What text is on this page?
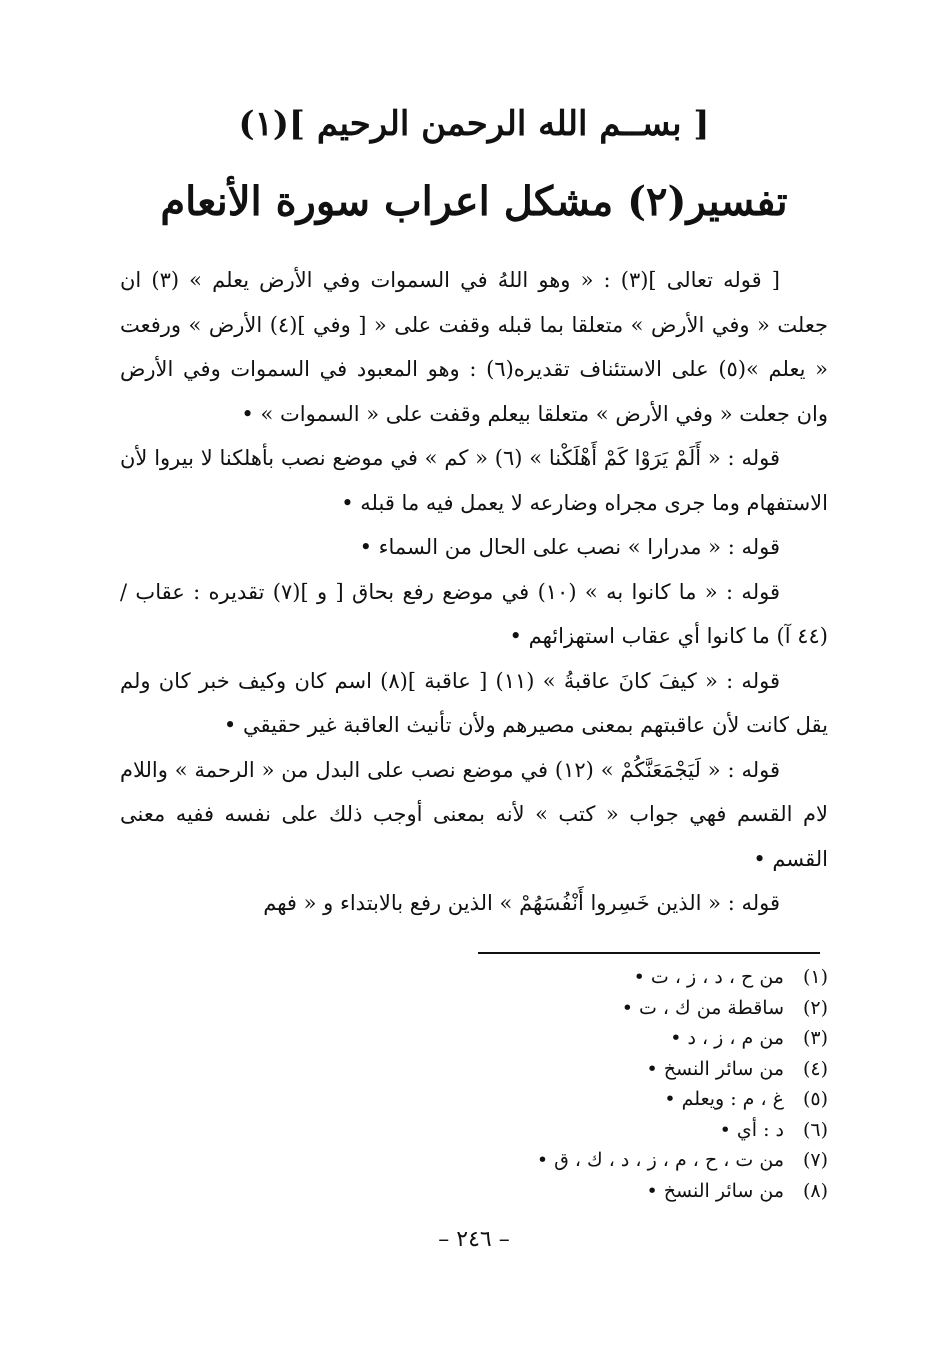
[ بســم الله الرحمن الرحيم ](١)
تفسير(٢) مشكل اعراب سورة الأنعام

[ قوله تعالى ](٣) : « وهو اللهُ في السموات وفي الأرض يعلم » (٣) ان جعلت « وفي الأرض » متعلقا بما قبله وقفت على « [ وفي ](٤) الأرض » ورفعت « يعلم »(٥) على الاستئناف تقديره(٦) : وهو المعبود في السموات وفي الأرض وان جعلت « وفي الأرض » متعلقا بيعلم وقفت على « السموات » •

قوله : « أَلَمْ يَرَوْا كَمْ أَهْلَكْنا » (٦) « كم » في موضع نصب بأهلكنا لا بيروا لأن الاستفهام وما جرى مجراه وضارعه لا يعمل فيه ما قبله •

قوله : « مدرارا » نصب على الحال من السماء •

قوله : « ما كانوا به » (١٠) في موضع رفع بحاق [ و ](٧) تقديره : عقاب / (٤٤ آ) ما كانوا أي عقاب استهزائهم •

قوله : « كيفَ كانَ عاقبةُ » (١١) [ عاقبة ](٨) اسم كان وكيف خبر كان ولم يقل كانت لأن عاقبتهم بمعنى مصيرهم ولأن تأنيث العاقبة غير حقيقي •

قوله : « لَيَجْمَعَنَّكُمْ » (١٢) في موضع نصب على البدل من « الرحمة » واللام لام القسم فهي جواب « كتب » لأنه بمعنى أوجب ذلك على نفسه ففيه معنى القسم •

قوله : « الذين خَسِروا أَنْفُسَهُمْ » الذين رفع بالابتداء و « فهم

(١)
من ح ، د ، ز ، ت •
(٢)
ساقطة من ك ، ت •
(٣)
من م ، ز ، د •
(٤)
من سائر النسخ •
(٥)
غ ، م : ويعلم •
(٦)
د : أي •
(٧)
من ت ، ح ، م ، ز ، د ، ك ، ق •
(٨)
من سائر النسخ •
– ٢٤٦ –
